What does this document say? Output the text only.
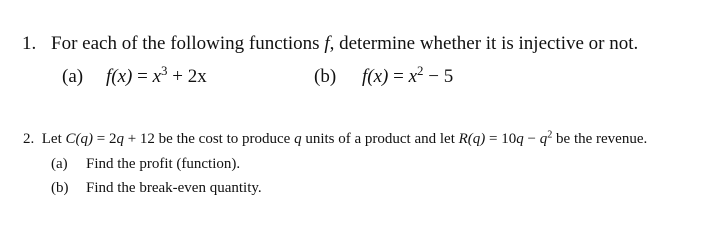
1. For each of the following functions f, determine whether it is injective or not.
(a) $f(x) = x^3 + 2x$	(b) $f(x) = x^2 - 5$
2. Let C(q) = 2q + 12 be the cost to produce q units of a product and let $R(q) = 10q - q^2$ be the revenue.
(a) Find the profit (function).
(b) Find the break-even quantity.
